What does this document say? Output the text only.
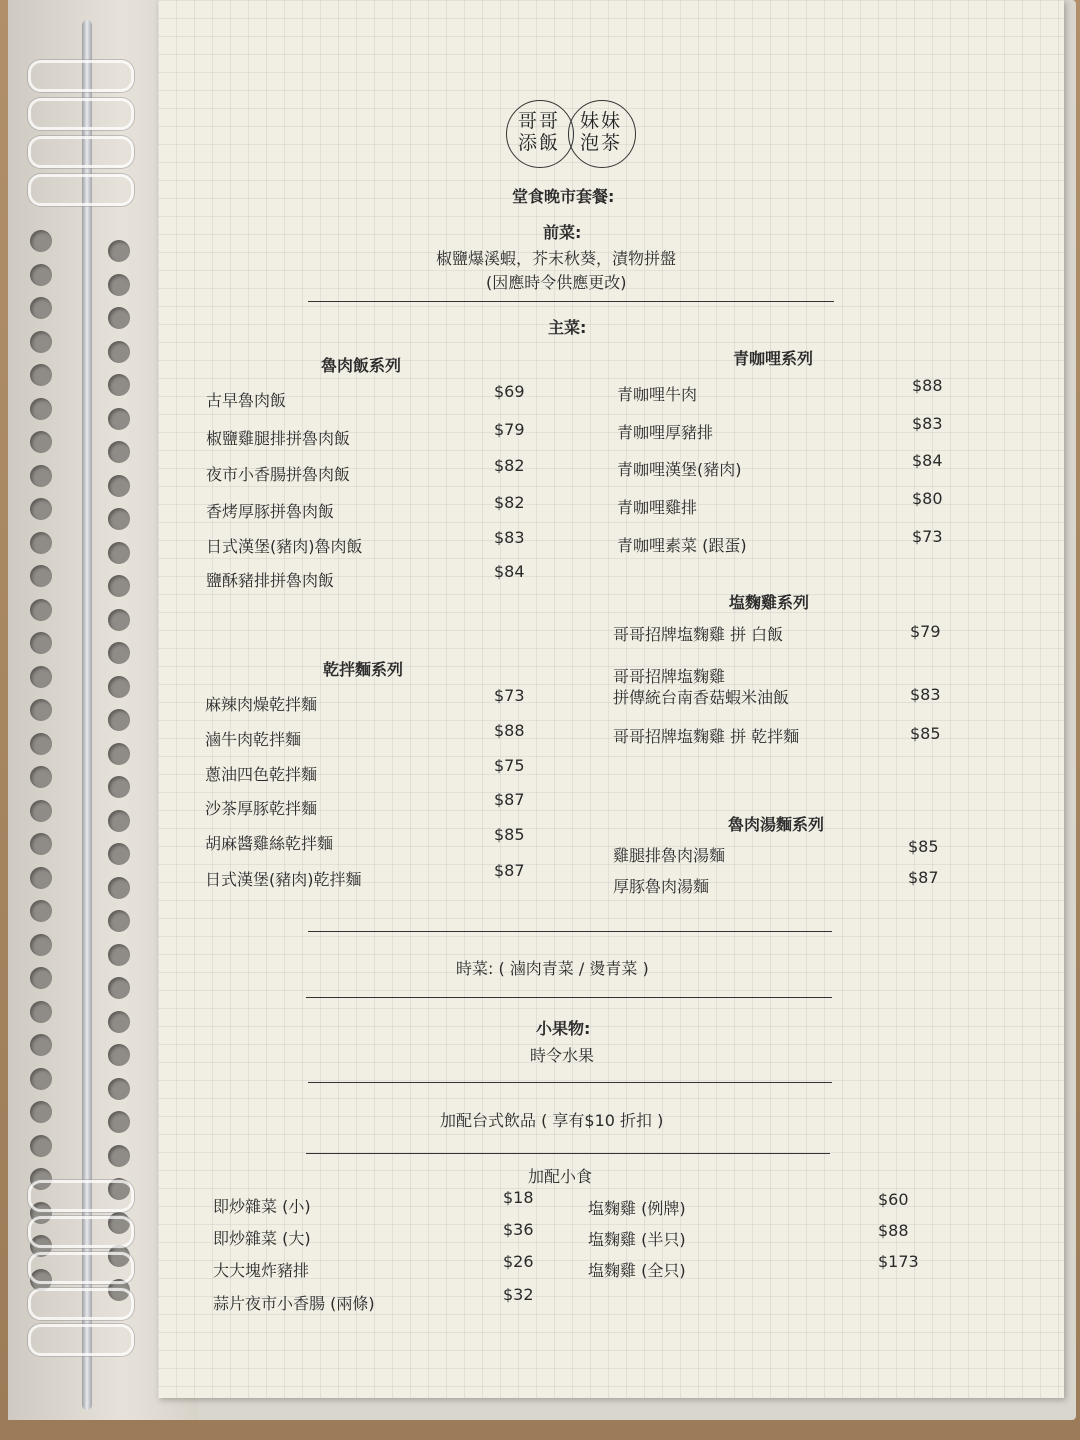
哥哥
添飯
妹妹
泡茶
堂食晚市套餐:
前菜:
椒鹽爆溪蝦，芥末秋葵，漬物拼盤
(因應時令供應更改)
主菜:
魯肉飯系列
古早魯肉飯	$69
椒鹽雞腿排拼魯肉飯	$79
夜市小香腸拼魯肉飯	$82
香烤厚豚拼魯肉飯	$82
日式漢堡(豬肉)魯肉飯	$83
鹽酥豬排拼魯肉飯	$84
乾拌麵系列
麻辣肉燥乾拌麵	$73
滷牛肉乾拌麵	$88
蔥油四色乾拌麵	$75
沙茶厚豚乾拌麵	$87
胡麻醬雞絲乾拌麵	$85
日式漢堡(豬肉)乾拌麵	$87
青咖哩系列
青咖哩牛肉	$88
青咖哩厚豬排	$83
青咖哩漢堡(豬肉)	$84
青咖哩雞排	$80
青咖哩素菜 (跟蛋)	$73
塩麴雞系列
哥哥招牌塩麴雞 拼 白飯	$79
哥哥招牌塩麴雞
拼傳統台南香菇蝦米油飯	$83
哥哥招牌塩麴雞 拼 乾拌麵	$85
魯肉湯麵系列
雞腿排魯肉湯麵	$85
厚豚魯肉湯麵	$87
時菜: ( 滷肉青菜 / 燙青菜 )
小果物:
時令水果
加配台式飲品 ( 享有$10 折扣 )
加配小食
即炒雜菜 (小)	$18
即炒雜菜 (大)	$36
大大塊炸豬排	$26
蒜片夜市小香腸 (兩條)	$32
塩麴雞 (例牌)	$60
塩麴雞 (半只)	$88
塩麴雞 (全只)	$173
